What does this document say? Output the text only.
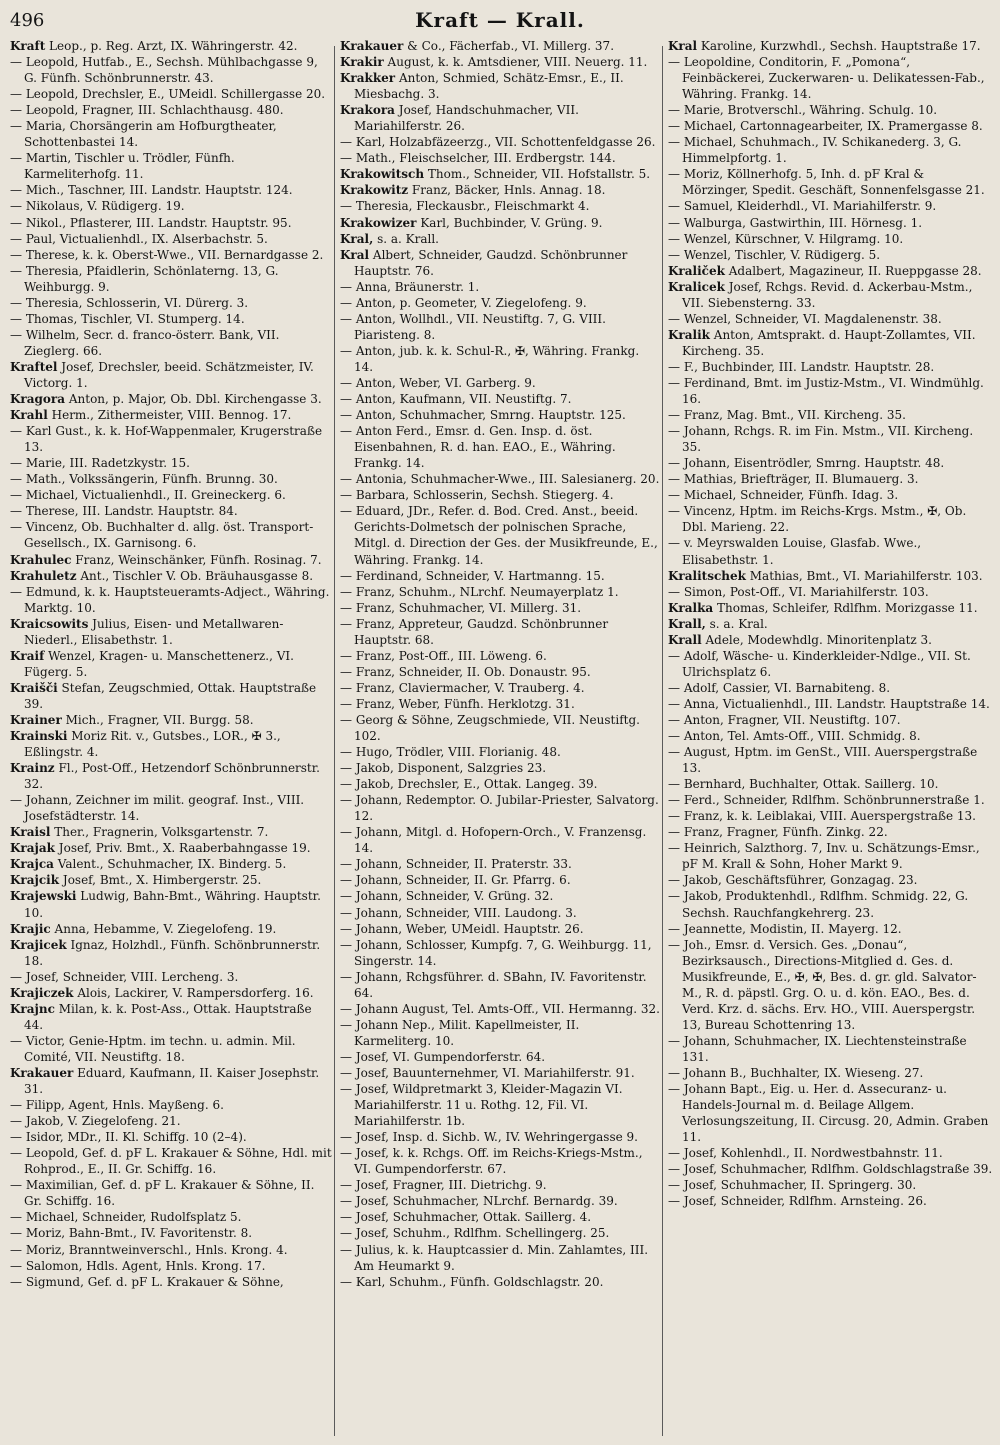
496	Kraft — Krall.

Kraft Leop., p. Reg. Arzt, IX. Währingerstr. 42.

— Leopold, Hutfab., E., Sechsh. Mühlbachgasse 9, G. Fünfh. Schönbrunnerstr. 43.

— Leopold, Drechsler, E., UMeidl. Schillergasse 20.

— Leopold, Fragner, III. Schlachthausg. 480.

— Maria, Chorsängerin am Hofburgtheater, Schottenbastei 14.

— Martin, Tischler u. Trödler, Fünfh. Karmeliterhofg. 11.

— Mich., Taschner, III. Landstr. Hauptstr. 124.

— Nikolaus, V. Rüdigerg. 19.

— Nikol., Pflasterer, III. Landstr. Hauptstr. 95.

— Paul, Victualienhdl., IX. Alserbachstr. 5.

— Therese, k. k. Oberst-Wwe., VII. Bernardgasse 2.

— Theresia, Pfaidlerin, Schönlaterng. 13, G. Weihburgg. 9.

— Theresia, Schlosserin, VI. Dürerg. 3.

— Thomas, Tischler, VI. Stumperg. 14.

— Wilhelm, Secr. d. franco-österr. Bank, VII. Zieglerg. 66.

Kraftel Josef, Drechsler, beeid. Schätzmeister, IV. Victorg. 1.

Kragora Anton, p. Major, Ob. Dbl. Kirchengasse 3.

Krahl Herm., Zithermeister, VIII. Bennog. 17.

— Karl Gust., k. k. Hof-Wappenmaler, Krugerstraße 13.

— Marie, III. Radetzkystr. 15.

— Math., Volkssängerin, Fünfh. Brunng. 30.

— Michael, Victualienhdl., II. Greineckerg. 6.

— Therese, III. Landstr. Hauptstr. 84.

— Vincenz, Ob. Buchhalter d. allg. öst. Transport-Gesellsch., IX. Garnisong. 6.

Krahulec Franz, Weinschänker, Fünfh. Rosinag. 7.

Krahuletz Ant., Tischler V. Ob. Bräuhausgasse 8.

— Edmund, k. k. Hauptsteueramts-Adject., Währing. Marktg. 10.

Kraicsowits Julius, Eisen- und Metallwaren-Niederl., Elisabethstr. 1.

Kraif Wenzel, Kragen- u. Manschettenerz., VI. Fügerg. 5.

Kraišči Stefan, Zeugschmied, Ottak. Hauptstraße 39.

Krainer Mich., Fragner, VII. Burgg. 58.

Krainski Moriz Rit. v., Gutsbes., LOR., ✠ 3., Eßlingstr. 4.

Krainz Fl., Post-Off., Hetzendorf Schönbrunnerstr. 32.

— Johann, Zeichner im milit. geograf. Inst., VIII. Josefstädterstr. 14.

Kraisl Ther., Fragnerin, Volksgartenstr. 7.

Krajak Josef, Priv. Bmt., X. Raaberbahngasse 19.

Krajca Valent., Schuhmacher, IX. Binderg. 5.

Krajcik Josef, Bmt., X. Himbergerstr. 25.

Krajewski Ludwig, Bahn-Bmt., Währing. Hauptstr. 10.

Krajic Anna, Hebamme, V. Ziegelofeng. 19.

Krajicek Ignaz, Holzhdl., Fünfh. Schönbrunnerstr. 18.

— Josef, Schneider, VIII. Lercheng. 3.

Krajiczek Alois, Lackirer, V. Rampersdorferg. 16.

Krajnc Milan, k. k. Post-Ass., Ottak. Hauptstraße 44.

— Victor, Genie-Hptm. im techn. u. admin. Mil. Comité, VII. Neustiftg. 18.

Krakauer Eduard, Kaufmann, II. Kaiser Josephstr. 31.

— Filipp, Agent, Hnls. Mayßeng. 6.

— Jakob, V. Ziegelofeng. 21.

— Isidor, MDr., II. Kl. Schiffg. 10 (2–4).

— Leopold, Gef. d. pF L. Krakauer & Söhne, Hdl. mit Rohprod., E., II. Gr. Schiffg. 16.

— Maximilian, Gef. d. pF L. Krakauer & Söhne, II. Gr. Schiffg. 16.

— Michael, Schneider, Rudolfsplatz 5.

— Moriz, Bahn-Bmt., IV. Favoritenstr. 8.

— Moriz, Branntweinverschl., Hnls. Krong. 4.

— Salomon, Hdls. Agent, Hnls. Krong. 17.

— Sigmund, Gef. d. pF L. Krakauer & Söhne,

Krakauer & Co., Fächerfab., VI. Millerg. 37.

Krakir August, k. k. Amtsdiener, VIII. Neuerg. 11.

Krakker Anton, Schmied, Schätz-Emsr., E., II. Miesbachg. 3.

Krakora Josef, Handschuhmacher, VII. Mariahilferstr. 26.

— Karl, Holzabfäzeerzg., VII. Schottenfeldgasse 26.

— Math., Fleischselcher, III. Erdbergstr. 144.

Krakowitsch Thom., Schneider, VII. Hofstallstr. 5.

Krakowitz Franz, Bäcker, Hnls. Annag. 18.

— Theresia, Fleckausbr., Fleischmarkt 4.

Krakowizer Karl, Buchbinder, V. Grüng. 9.

Kral, s. a. Krall.

Kral Albert, Schneider, Gaudzd. Schönbrunner Hauptstr. 76.

— Anna, Bräunerstr. 1.

— Anton, p. Geometer, V. Ziegelofeng. 9.

— Anton, Wollhdl., VII. Neustiftg. 7, G. VIII. Piaristeng. 8.

— Anton, jub. k. k. Schul-R., ✠, Währing. Frankg. 14.

— Anton, Weber, VI. Garberg. 9.

— Anton, Kaufmann, VII. Neustiftg. 7.

— Anton, Schuhmacher, Smrng. Hauptstr. 125.

— Anton Ferd., Emsr. d. Gen. Insp. d. öst. Eisenbahnen, R. d. han. EAO., E., Währing. Frankg. 14.

— Antonia, Schuhmacher-Wwe., III. Salesianerg. 20.

— Barbara, Schlosserin, Sechsh. Stiegerg. 4.

— Eduard, JDr., Refer. d. Bod. Cred. Anst., beeid. Gerichts-Dolmetsch der polnischen Sprache, Mitgl. d. Direction der Ges. der Musikfreunde, E., Währing. Frankg. 14.

— Ferdinand, Schneider, V. Hartmanng. 15.

— Franz, Schuhm., NLrchf. Neumayerplatz 1.

— Franz, Schuhmacher, VI. Millerg. 31.

— Franz, Appreteur, Gaudzd. Schönbrunner Hauptstr. 68.

— Franz, Post-Off., III. Löweng. 6.

— Franz, Schneider, II. Ob. Donaustr. 95.

— Franz, Claviermacher, V. Trauberg. 4.

— Franz, Weber, Fünfh. Herklotzg. 31.

— Georg & Söhne, Zeugschmiede, VII. Neustiftg. 102.

— Hugo, Trödler, VIII. Florianig. 48.

— Jakob, Disponent, Salzgries 23.

— Jakob, Drechsler, E., Ottak. Langeg. 39.

— Johann, Redemptor. O. Jubilar-Priester, Salvatorg. 12.

— Johann, Mitgl. d. Hofopern-Orch., V. Franzensg. 14.

— Johann, Schneider, II. Praterstr. 33.

— Johann, Schneider, II. Gr. Pfarrg. 6.

— Johann, Schneider, V. Grüng. 32.

— Johann, Schneider, VIII. Laudong. 3.

— Johann, Weber, UMeidl. Hauptstr. 26.

— Johann, Schlosser, Kumpfg. 7, G. Weihburgg. 11, Singerstr. 14.

— Johann, Rchgsführer. d. SBahn, IV. Favoritenstr. 64.

— Johann August, Tel. Amts-Off., VII. Hermanng. 32.

— Johann Nep., Milit. Kapellmeister, II. Karmeliterg. 10.

— Josef, VI. Gumpendorferstr. 64.

— Josef, Bauunternehmer, VI. Mariahilferstr. 91.

— Josef, Wildpretmarkt 3, Kleider-Magazin VI. Mariahilferstr. 11 u. Rothg. 12, Fil. VI. Mariahilferstr. 1b.

— Josef, Insp. d. Sichb. W., IV. Wehringergasse 9.

— Josef, k. k. Rchgs. Off. im Reichs-Kriegs-Mstm., VI. Gumpendorferstr. 67.

— Josef, Fragner, III. Dietrichg. 9.

— Josef, Schuhmacher, NLrchf. Bernardg. 39.

— Josef, Schuhmacher, Ottak. Saillerg. 4.

— Josef, Schuhm., Rdlfhm. Schellingerg. 25.

— Julius, k. k. Hauptcassier d. Min. Zahlamtes, III. Am Heumarkt 9.

— Karl, Schuhm., Fünfh. Goldschlagstr. 20.

Kral Karoline, Kurzwhdl., Sechsh. Hauptstraße 17.

— Leopoldine, Conditorin, F. „Pomona“, Feinbäckerei, Zuckerwaren- u. Delikatessen-Fab., Währing. Frankg. 14.

— Marie, Brotverschl., Währing. Schulg. 10.

— Michael, Cartonnagearbeiter, IX. Pramergasse 8.

— Michael, Schuhmach., IV. Schikanederg. 3, G. Himmelpfortg. 1.

— Moriz, Köllnerhofg. 5, Inh. d. pF Kral & Mörzinger, Spedit. Geschäft, Sonnenfelsgasse 21.

— Samuel, Kleiderhdl., VI. Mariahilferstr. 9.

— Walburga, Gastwirthin, III. Hörnesg. 1.

— Wenzel, Kürschner, V. Hilgramg. 10.

— Wenzel, Tischler, V. Rüdigerg. 5.

Kraliček Adalbert, Magazineur, II. Rueppgasse 28.

Kralicek Josef, Rchgs. Revid. d. Ackerbau-Mstm., VII. Siebensterng. 33.

— Wenzel, Schneider, VI. Magdalenenstr. 38.

Kralik Anton, Amtsprakt. d. Haupt-Zollamtes, VII. Kircheng. 35.

— F., Buchbinder, III. Landstr. Hauptstr. 28.

— Ferdinand, Bmt. im Justiz-Mstm., VI. Windmühlg. 16.

— Franz, Mag. Bmt., VII. Kircheng. 35.

— Johann, Rchgs. R. im Fin. Mstm., VII. Kircheng. 35.

— Johann, Eisentrödler, Smrng. Hauptstr. 48.

— Mathias, Briefträger, II. Blumauerg. 3.

— Michael, Schneider, Fünfh. Idag. 3.

— Vincenz, Hptm. im Reichs-Krgs. Mstm., ✠, Ob. Dbl. Marieng. 22.

— v. Meyrswalden Louise, Glasfab. Wwe., Elisabethstr. 1.

Kralitschek Mathias, Bmt., VI. Mariahilferstr. 103.

— Simon, Post-Off., VI. Mariahilferstr. 103.

Kralka Thomas, Schleifer, Rdlfhm. Morizgasse 11.

Krall, s. a. Kral.

Krall Adele, Modewhdlg. Minoritenplatz 3.

— Adolf, Wäsche- u. Kinderkleider-Ndlge., VII. St. Ulrichsplatz 6.

— Adolf, Cassier, VI. Barnabiteng. 8.

— Anna, Victualienhdl., III. Landstr. Hauptstraße 14.

— Anton, Fragner, VII. Neustiftg. 107.

— Anton, Tel. Amts-Off., VIII. Schmidg. 8.

— August, Hptm. im GenSt., VIII. Auerspergstraße 13.

— Bernhard, Buchhalter, Ottak. Saillerg. 10.

— Ferd., Schneider, Rdlfhm. Schönbrunnerstraße 1.

— Franz, k. k. Leiblakai, VIII. Auerspergstraße 13.

— Franz, Fragner, Fünfh. Zinkg. 22.

— Heinrich, Salzthorg. 7, Inv. u. Schätzungs-Emsr., pF M. Krall & Sohn, Hoher Markt 9.

— Jakob, Geschäftsführer, Gonzagag. 23.

— Jakob, Produktenhdl., Rdlfhm. Schmidg. 22, G. Sechsh. Rauchfangkehrerg. 23.

— Jeannette, Modistin, II. Mayerg. 12.

— Joh., Emsr. d. Versich. Ges. „Donau“, Bezirksausch., Directions-Mitglied d. Ges. d. Musikfreunde, E., ✠, ✠, Bes. d. gr. gld. Salvator-M., R. d. päpstl. Grg. O. u. d. kön. EAO., Bes. d. Verd. Krz. d. sächs. Erv. HO., VIII. Auerspergstr. 13, Bureau Schottenring 13.

— Johann, Schuhmacher, IX. Liechtensteinstraße 131.

— Johann B., Buchhalter, IX. Wieseng. 27.

— Johann Bapt., Eig. u. Her. d. Assecuranz- u. Handels-Journal m. d. Beilage Allgem. Verlosungszeitung, II. Circusg. 20, Admin. Graben 11.

— Josef, Kohlenhdl., II. Nordwestbahnstr. 11.

— Josef, Schuhmacher, Rdlfhm. Goldschlagstraße 39.

— Josef, Schuhmacher, II. Springerg. 30.

— Josef, Schneider, Rdlfhm. Arnsteing. 26.
